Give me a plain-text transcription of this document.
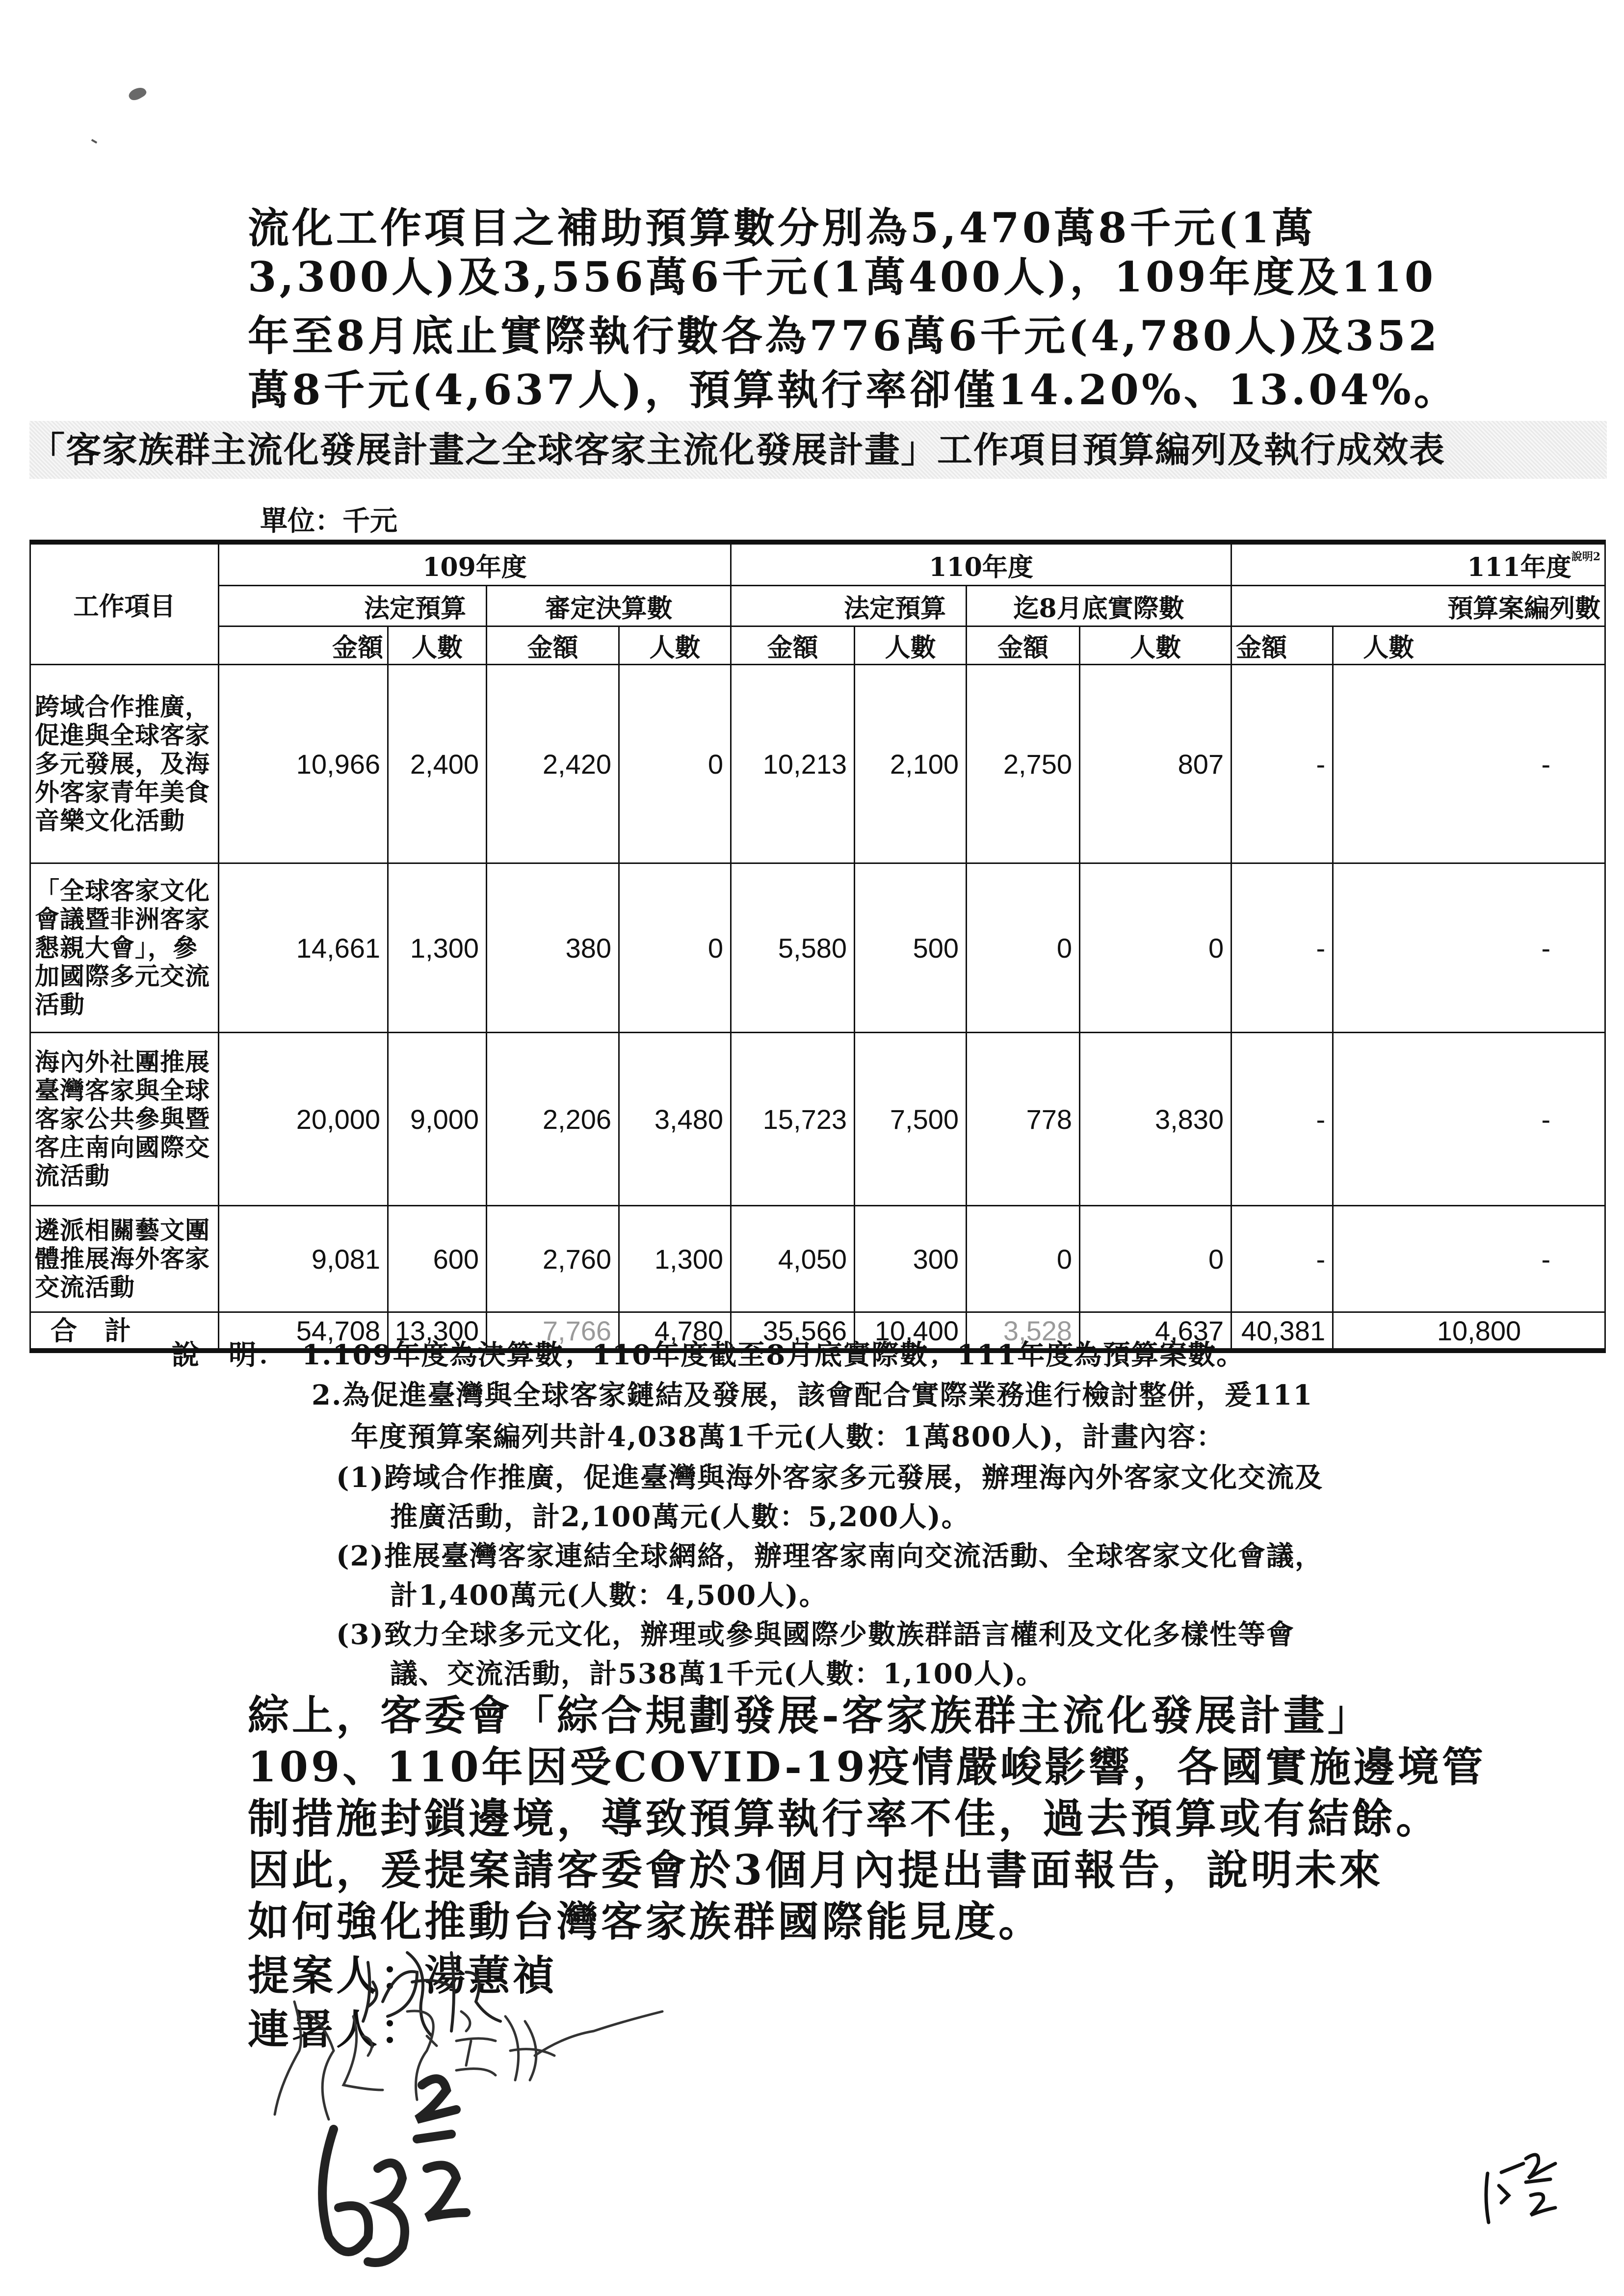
流化工作項目之補助預算數分別為5,470萬8千元(1萬
3,300人)及3,556萬6千元(1萬400人)，109年度及110
年至8月底止實際執行數各為776萬6千元(4,780人)及352
萬8千元(4,637人)，預算執行率卻僅14.20%、13.04%。
「客家族群主流化發展計畫之全球客家主流化發展計畫」工作項目預算編列及執行成效表
單位：千元
工作項目	109年度				110年度				111年度$^{說明2}$
	法定預算		審定決算數		法定預算		迄8月底實際數		預算案編列數	
	金額	人數	金額	人數	金額	人數	金額	人數	金額	人數
跨域合作推廣，促進與全球客家多元發展，及海外客家青年美食音樂文化活動	10,966	2,400	2,420	0	10,213	2,100	2,750	807	-	-
「全球客家文化會議暨非洲客家懇親大會」，參加國際多元交流活動	14,661	1,300	380	0	5,580	500	0	0	-	-
海內外社團推展臺灣客家與全球客家公共參與暨客庄南向國際交流活動	20,000	9,000	2,206	3,480	15,723	7,500	778	3,830	-	-
遴派相關藝文團體推展海外客家交流活動	9,081	600	2,760	1,300	4,050	300	0	0	-	-
合　計	54,708	13,300	7,766	4,780	35,566	10,400	3,528	4,637	40,381	10,800
說　明： 1.109年度為決算數；110年度截至8月底實際數；111年度為預算案數。
2.為促進臺灣與全球客家鏈結及發展，該會配合實際業務進行檢討整併，爰111
年度預算案編列共計4,038萬1千元(人數：1萬800人)，計畫內容：
(1)跨域合作推廣，促進臺灣與海外客家多元發展，辦理海內外客家文化交流及
推廣活動，計2,100萬元(人數：5,200人)。
(2)推展臺灣客家連結全球網絡，辦理客家南向交流活動、全球客家文化會議，
計1,400萬元(人數：4,500人)。
(3)致力全球多元文化，辦理或參與國際少數族群語言權利及文化多樣性等會
議、交流活動，計538萬1千元(人數：1,100人)。
綜上，客委會「綜合規劃發展-客家族群主流化發展計畫」
109、110年因受COVID-19疫情嚴峻影響，各國實施邊境管
制措施封鎖邊境，導致預算執行率不佳，過去預算或有結餘。
因此，爰提案請客委會於3個月內提出書面報告，說明未來
如何強化推動台灣客家族群國際能見度。
提案人：湯蕙禎
連署人：
